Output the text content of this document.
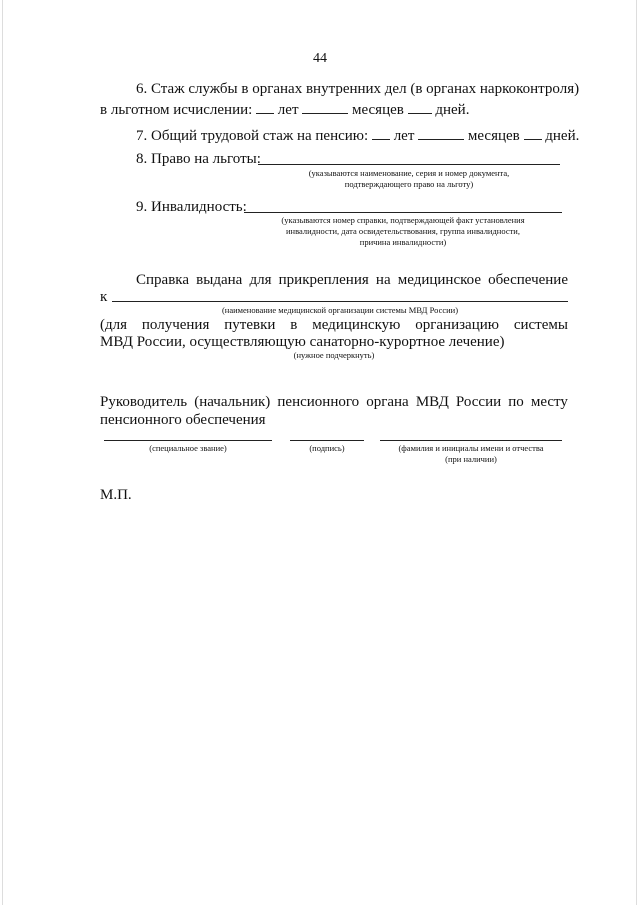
44
6. Стаж службы в органах внутренних дел (в органах наркоконтроля)
в льготном исчислении: лет	месяцев дней.
7. Общий трудовой стаж на пенсию: лет	месяцев дней.
8. Право на льготы:
(указываются наименование, серия и номер документа,
подтверждающего право на льготу)
9. Инвалидность:
(указываются номер справки, подтверждающей факт установления
инвалидности, дата освидетельствования, группа инвалидности,
причина инвалидности)
Справка выдана для прикрепления на медицинское обеспечение
к
(наименование медицинской организации системы МВД России)
(для получения путевки в медицинскую организацию системы
МВД России, осуществляющую санаторно-курортное лечение)
(нужное подчеркнуть)
Руководитель (начальник) пенсионного органа МВД России по месту
пенсионного обеспечения
(специальное звание)	(подпись)	(фамилия и инициалы имени и отчества
(при наличии)
М.П.
